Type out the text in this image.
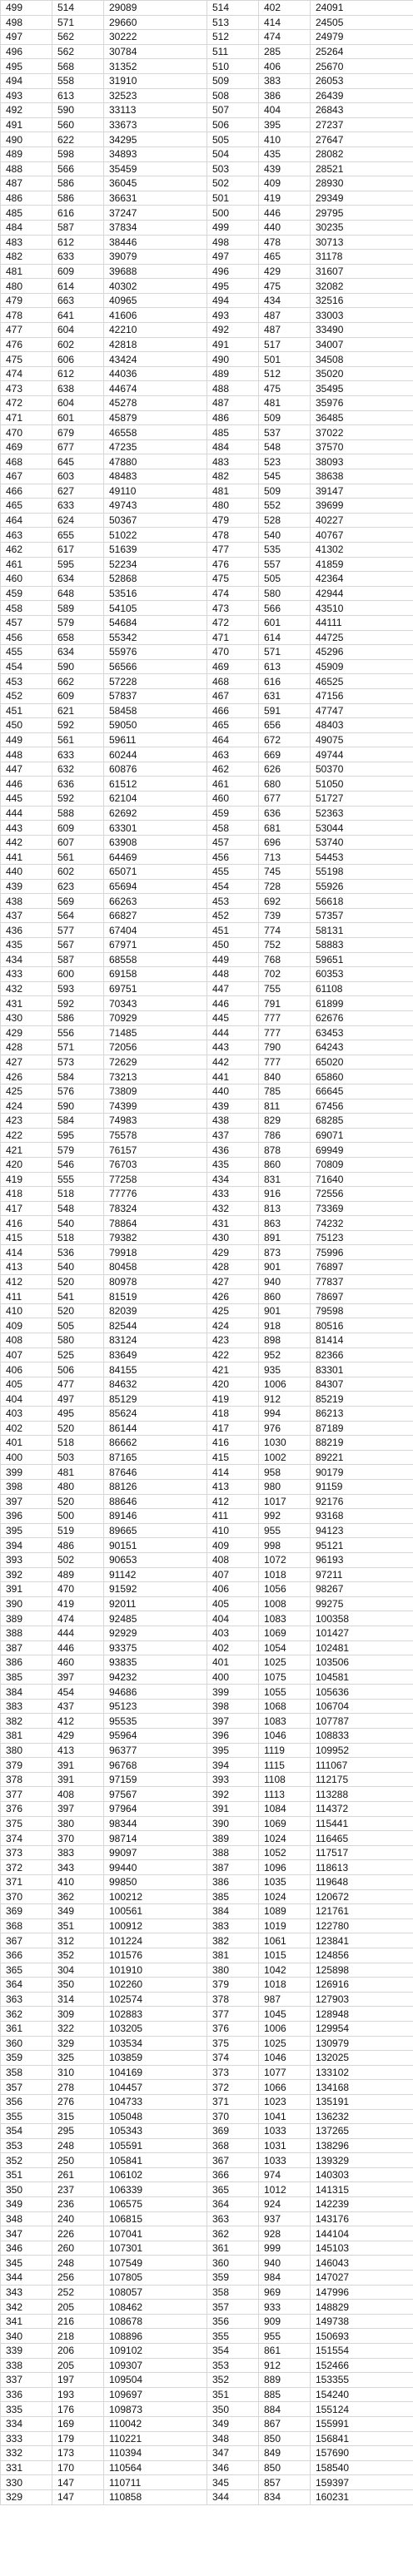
499	514	29089	514	402	24091
498	571	29660	513	414	24505
497	562	30222	512	474	24979
496	562	30784	511	285	25264
495	568	31352	510	406	25670
494	558	31910	509	383	26053
493	613	32523	508	386	26439
492	590	33113	507	404	26843
491	560	33673	506	395	27237
490	622	34295	505	410	27647
489	598	34893	504	435	28082
488	566	35459	503	439	28521
487	586	36045	502	409	28930
486	586	36631	501	419	29349
485	616	37247	500	446	29795
484	587	37834	499	440	30235
483	612	38446	498	478	30713
482	633	39079	497	465	31178
481	609	39688	496	429	31607
480	614	40302	495	475	32082
479	663	40965	494	434	32516
478	641	41606	493	487	33003
477	604	42210	492	487	33490
476	602	42818	491	517	34007
475	606	43424	490	501	34508
474	612	44036	489	512	35020
473	638	44674	488	475	35495
472	604	45278	487	481	35976
471	601	45879	486	509	36485
470	679	46558	485	537	37022
469	677	47235	484	548	37570
468	645	47880	483	523	38093
467	603	48483	482	545	38638
466	627	49110	481	509	39147
465	633	49743	480	552	39699
464	624	50367	479	528	40227
463	655	51022	478	540	40767
462	617	51639	477	535	41302
461	595	52234	476	557	41859
460	634	52868	475	505	42364
459	648	53516	474	580	42944
458	589	54105	473	566	43510
457	579	54684	472	601	44111
456	658	55342	471	614	44725
455	634	55976	470	571	45296
454	590	56566	469	613	45909
453	662	57228	468	616	46525
452	609	57837	467	631	47156
451	621	58458	466	591	47747
450	592	59050	465	656	48403
449	561	59611	464	672	49075
448	633	60244	463	669	49744
447	632	60876	462	626	50370
446	636	61512	461	680	51050
445	592	62104	460	677	51727
444	588	62692	459	636	52363
443	609	63301	458	681	53044
442	607	63908	457	696	53740
441	561	64469	456	713	54453
440	602	65071	455	745	55198
439	623	65694	454	728	55926
438	569	66263	453	692	56618
437	564	66827	452	739	57357
436	577	67404	451	774	58131
435	567	67971	450	752	58883
434	587	68558	449	768	59651
433	600	69158	448	702	60353
432	593	69751	447	755	61108
431	592	70343	446	791	61899
430	586	70929	445	777	62676
429	556	71485	444	777	63453
428	571	72056	443	790	64243
427	573	72629	442	777	65020
426	584	73213	441	840	65860
425	576	73809	440	785	66645
424	590	74399	439	811	67456
423	584	74983	438	829	68285
422	595	75578	437	786	69071
421	579	76157	436	878	69949
420	546	76703	435	860	70809
419	555	77258	434	831	71640
418	518	77776	433	916	72556
417	548	78324	432	813	73369
416	540	78864	431	863	74232
415	518	79382	430	891	75123
414	536	79918	429	873	75996
413	540	80458	428	901	76897
412	520	80978	427	940	77837
411	541	81519	426	860	78697
410	520	82039	425	901	79598
409	505	82544	424	918	80516
408	580	83124	423	898	81414
407	525	83649	422	952	82366
406	506	84155	421	935	83301
405	477	84632	420	1006	84307
404	497	85129	419	912	85219
403	495	85624	418	994	86213
402	520	86144	417	976	87189
401	518	86662	416	1030	88219
400	503	87165	415	1002	89221
399	481	87646	414	958	90179
398	480	88126	413	980	91159
397	520	88646	412	1017	92176
396	500	89146	411	992	93168
395	519	89665	410	955	94123
394	486	90151	409	998	95121
393	502	90653	408	1072	96193
392	489	91142	407	1018	97211
391	470	91592	406	1056	98267
390	419	92011	405	1008	99275
389	474	92485	404	1083	100358
388	444	92929	403	1069	101427
387	446	93375	402	1054	102481
386	460	93835	401	1025	103506
385	397	94232	400	1075	104581
384	454	94686	399	1055	105636
383	437	95123	398	1068	106704
382	412	95535	397	1083	107787
381	429	95964	396	1046	108833
380	413	96377	395	1119	109952
379	391	96768	394	1115	111067
378	391	97159	393	1108	112175
377	408	97567	392	1113	113288
376	397	97964	391	1084	114372
375	380	98344	390	1069	115441
374	370	98714	389	1024	116465
373	383	99097	388	1052	117517
372	343	99440	387	1096	118613
371	410	99850	386	1035	119648
370	362	100212	385	1024	120672
369	349	100561	384	1089	121761
368	351	100912	383	1019	122780
367	312	101224	382	1061	123841
366	352	101576	381	1015	124856
365	304	101910	380	1042	125898
364	350	102260	379	1018	126916
363	314	102574	378	987	127903
362	309	102883	377	1045	128948
361	322	103205	376	1006	129954
360	329	103534	375	1025	130979
359	325	103859	374	1046	132025
358	310	104169	373	1077	133102
357	278	104457	372	1066	134168
356	276	104733	371	1023	135191
355	315	105048	370	1041	136232
354	295	105343	369	1033	137265
353	248	105591	368	1031	138296
352	250	105841	367	1033	139329
351	261	106102	366	974	140303
350	237	106339	365	1012	141315
349	236	106575	364	924	142239
348	240	106815	363	937	143176
347	226	107041	362	928	144104
346	260	107301	361	999	145103
345	248	107549	360	940	146043
344	256	107805	359	984	147027
343	252	108057	358	969	147996
342	205	108462	357	933	148829
341	216	108678	356	909	149738
340	218	108896	355	955	150693
339	206	109102	354	861	151554
338	205	109307	353	912	152466
337	197	109504	352	889	153355
336	193	109697	351	885	154240
335	176	109873	350	884	155124
334	169	110042	349	867	155991
333	179	110221	348	850	156841
332	173	110394	347	849	157690
331	170	110564	346	850	158540
330	147	110711	345	857	159397
329	147	110858	344	834	160231
